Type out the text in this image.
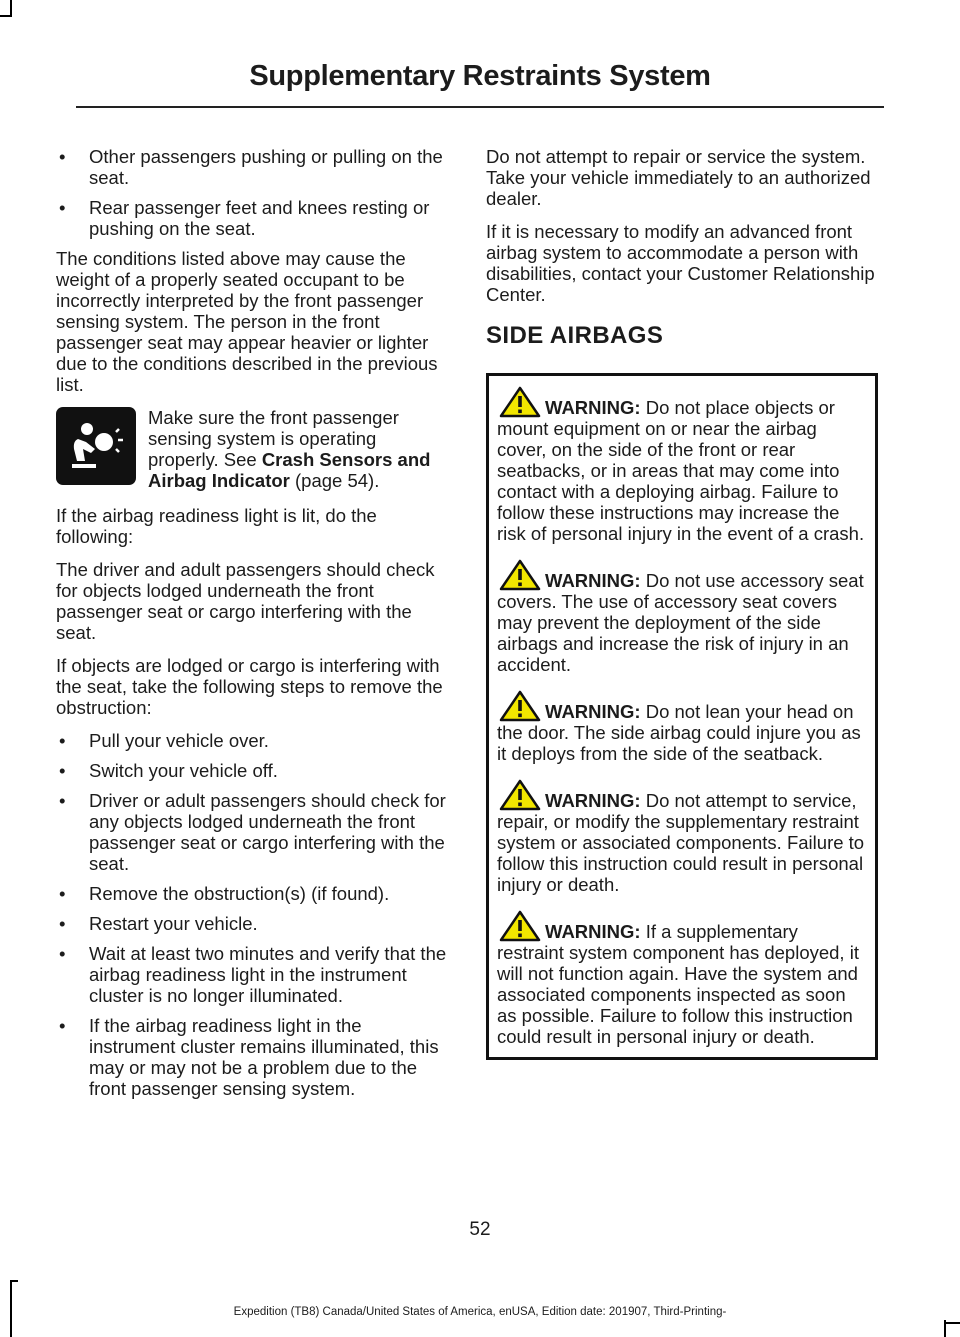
Supplementary Restraints System
• Other passengers pushing or pulling on the seat.
• Rear passenger feet and knees resting or pushing on the seat.

The conditions listed above may cause the weight of a properly seated occupant to be incorrectly interpreted by the front passenger sensing system. The person in the front passenger seat may appear heavier or lighter due to the conditions described in the previous list.

Make sure the front passenger sensing system is operating properly. See Crash Sensors and Airbag Indicator (page 54).

If the airbag readiness light is lit, do the following:

The driver and adult passengers should check for objects lodged underneath the front passenger seat or cargo interfering with the seat.

If objects are lodged or cargo is interfering with the seat, take the following steps to remove the obstruction:

• Pull your vehicle over.
• Switch your vehicle off.
• Driver or adult passengers should check for any objects lodged underneath the front passenger seat or cargo interfering with the seat.
• Remove the obstruction(s) (if found).
• Restart your vehicle.
• Wait at least two minutes and verify that the airbag readiness light in the instrument cluster is no longer illuminated.
• If the airbag readiness light in the instrument cluster remains illuminated, this may or may not be a problem due to the front passenger sensing system.

Do not attempt to repair or service the system. Take your vehicle immediately to an authorized dealer.

If it is necessary to modify an advanced front airbag system to accommodate a person with disabilities, contact your Customer Relationship Center.

SIDE AIRBAGS
WARNING: Do not place objects or mount equipment on or near the airbag cover, on the side of the front or rear seatbacks, or in areas that may come into contact with a deploying airbag. Failure to follow these instructions may increase the risk of personal injury in the event of a crash.
WARNING: Do not use accessory seat covers. The use of accessory seat covers may prevent the deployment of the side airbags and increase the risk of injury in an accident.
WARNING: Do not lean your head on the door. The side airbag could injure you as it deploys from the side of the seatback.
WARNING: Do not attempt to service, repair, or modify the supplementary restraint system or associated components. Failure to follow this instruction could result in personal injury or death.
WARNING: If a supplementary restraint system component has deployed, it will not function again. Have the system and associated components inspected as soon as possible. Failure to follow this instruction could result in personal injury or death.
52
Expedition (TB8) Canada/United States of America, enUSA, Edition date: 201907, Third-Printing-
